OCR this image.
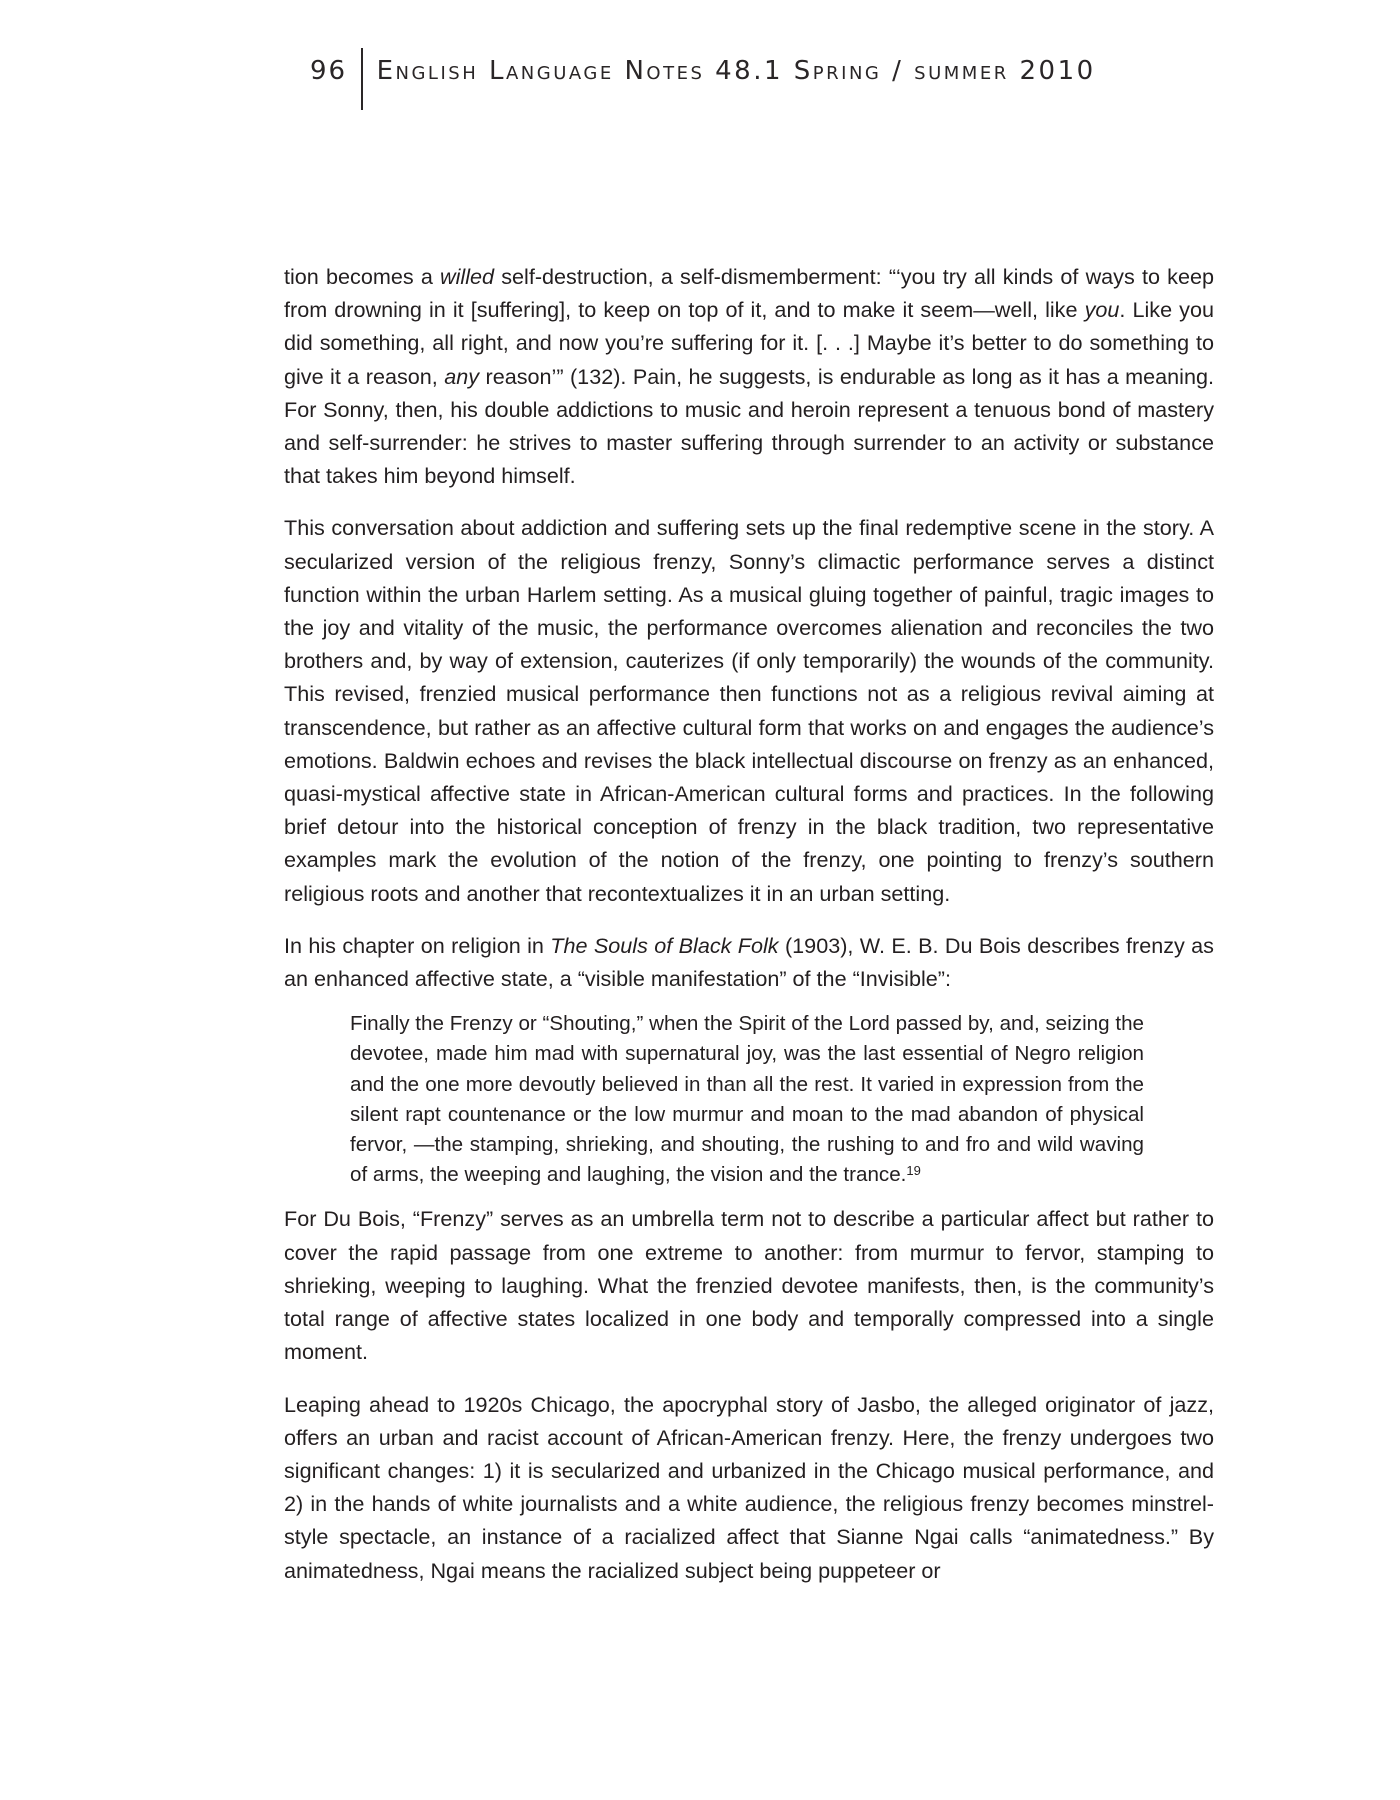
96	English Language Notes 48.1 Spring / summer 2010

tion becomes a willed self-destruction, a self-dismemberment: “‘you try all kinds of ways to keep from drowning in it [suffering], to keep on top of it, and to make it seem—well, like you. Like you did something, all right, and now you’re suffering for it. [. . .] Maybe it’s better to do something to give it a reason, any reason’” (132). Pain, he suggests, is endurable as long as it has a meaning. For Sonny, then, his double addictions to music and heroin represent a tenuous bond of mastery and self-surrender: he strives to master suffering through surrender to an activity or substance that takes him beyond himself.

This conversation about addiction and suffering sets up the final redemptive scene in the story. A secularized version of the religious frenzy, Sonny’s climactic performance serves a distinct function within the urban Harlem setting. As a musical gluing together of painful, tragic images to the joy and vitality of the music, the performance overcomes alienation and reconciles the two brothers and, by way of extension, cauterizes (if only temporarily) the wounds of the community. This revised, frenzied musical performance then functions not as a religious revival aiming at transcendence, but rather as an affective cultural form that works on and engages the audience’s emotions. Baldwin echoes and revises the black intellectual discourse on frenzy as an enhanced, quasi-mystical affective state in African-American cultural forms and practices. In the following brief detour into the historical conception of frenzy in the black tradition, two representative examples mark the evolution of the notion of the frenzy, one pointing to frenzy’s southern religious roots and another that recontextualizes it in an urban setting.

In his chapter on religion in The Souls of Black Folk (1903), W. E. B. Du Bois describes frenzy as an enhanced affective state, a “visible manifestation” of the “Invisible”:

Finally the Frenzy or “Shouting,” when the Spirit of the Lord passed by, and, seizing the devotee, made him mad with supernatural joy, was the last essential of Negro religion and the one more devoutly believed in than all the rest. It varied in expression from the silent rapt countenance or the low murmur and moan to the mad abandon of physical fervor, —the stamping, shrieking, and shouting, the rushing to and fro and wild waving of arms, the weeping and laughing, the vision and the trance.$^{19}$

For Du Bois, “Frenzy” serves as an umbrella term not to describe a particular affect but rather to cover the rapid passage from one extreme to another: from murmur to fervor, stamping to shrieking, weeping to laughing. What the frenzied devotee manifests, then, is the community’s total range of affective states localized in one body and temporally compressed into a single moment.

Leaping ahead to 1920s Chicago, the apocryphal story of Jasbo, the alleged originator of jazz, offers an urban and racist account of African-American frenzy. Here, the frenzy undergoes two significant changes: 1) it is secularized and urbanized in the Chicago musical performance, and 2) in the hands of white journalists and a white audience, the religious frenzy becomes minstrel-style spectacle, an instance of a racialized affect that Sianne Ngai calls “animatedness.” By animatedness, Ngai means the racialized subject being puppeteer or
